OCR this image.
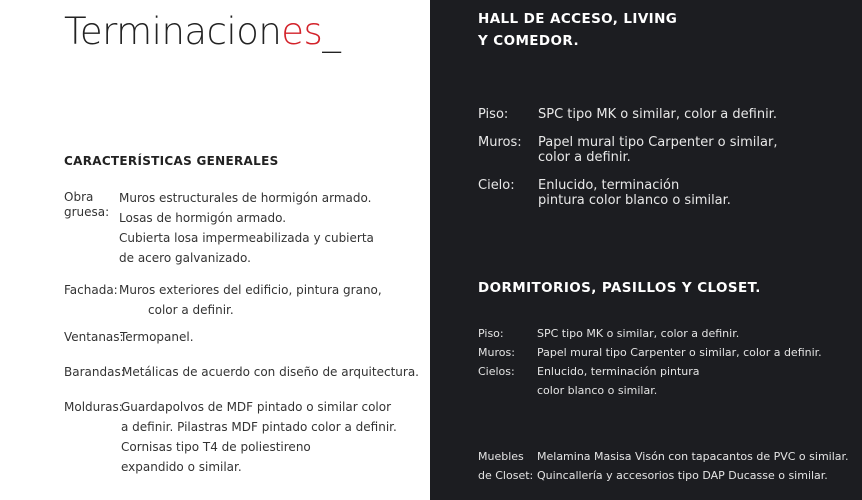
Terminaciones_
CARACTERÍSTICAS GENERALES
Obra
gruesa:
Muros estructurales de hormigón armado.
Losas de hormigón armado.
Cubierta losa impermeabilizada y cubierta
de acero galvanizado.
Fachada: Muros exteriores del edificio, pintura grano,
color a definir.
Ventanas:
Termopanel.
Barandas:
Metálicas de acuerdo con diseño de arquitectura.
Molduras:
Guardapolvos de MDF pintado o similar color
a definir. Pilastras MDF pintado color a definir.
Cornisas tipo T4 de poliestireno
expandido o similar.
HALL DE ACCESO, LIVING
Y COMEDOR.
Piso: SPC tipo MK o similar, color a definir.
Muros: Papel mural tipo Carpenter o similar,
color a definir.
Cielo: Enlucido, terminación
pintura color blanco o similar.
DORMITORIOS, PASILLOS Y CLOSET.
Piso:	SPC tipo MK o similar, color a definir.
Muros: Papel mural tipo Carpenter o similar, color a definir.
Cielos: Enlucido, terminación pintura
color blanco o similar.
Muebles
de Closet:
Melamina Masisa Visón con tapacantos de PVC o similar.
Quincallería y accesorios tipo DAP Ducasse o similar.
